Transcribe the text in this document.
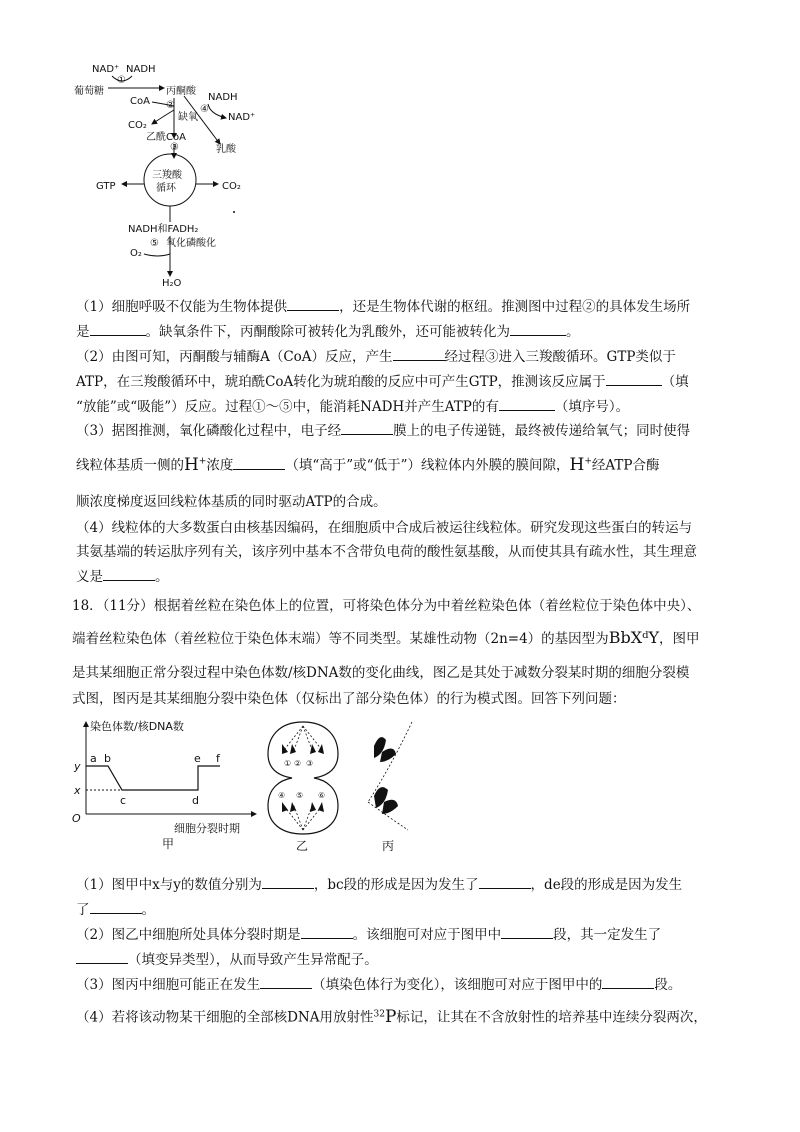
NAD⁺ NADH
①
葡萄糖	丙酮酸
CoA	NADH
②	④
缺氧	NAD⁺
CO₂
乙酰CoA
乳酸
③
三羧酸
循环
GTP	CO₂
NADH和FADH₂
⑤ 氧化磷酸化
O₂
H₂O
（1）细胞呼吸不仅能为生物体提供	，还是生物体代谢的枢纽。推测图中过程②的具体发生场所
是	。缺氧条件下，丙酮酸除可被转化为乳酸外，还可能被转化为	。
（2）由图可知，丙酮酸与辅酶A（CoA）反应，产生	经过程③进入三羧酸循环。GTP类似于
ATP，在三羧酸循环中，琥珀酰CoA转化为琥珀酸的反应中可产生GTP，推测该反应属于	（填
“放能”或“吸能”）反应。过程①～⑤中，能消耗NADH并产生ATP的有	（填序号）。
（3）据图推测，氧化磷酸化过程中，电子经	膜上的电子传递链，最终被传递给氧气；同时使得
线粒体基质一侧的H+浓度	（填“高于”或“低于”）线粒体内外膜的膜间隙，H+经ATP合酶
顺浓度梯度返回线粒体基质的同时驱动ATP的合成。
（4）线粒体的大多数蛋白由核基因编码，在细胞质中合成后被运往线粒体。研究发现这些蛋白的转运与
其氨基端的转运肽序列有关，该序列中基本不含带负电荷的酸性氨基酸，从而使其具有疏水性，其生理意
义是	。
18．（11分）根据着丝粒在染色体上的位置，可将染色体分为中着丝粒染色体（着丝粒位于染色体中央）、
端着丝粒染色体（着丝粒位于染色体末端）等不同类型。某雄性动物（2n=4）的基因型为BbXᵈY，图甲
是其某细胞正常分裂过程中染色体数/核DNA数的变化曲线，图乙是其处于减数分裂某时期的细胞分裂模
式图，图丙是其某细胞分裂中染色体（仅标出了部分染色体）的行为模式图。回答下列问题：
染色体数/核DNA数
细胞分裂时期
y
x
O
a b
c	d
e f
甲
① ② ③
④ ⑤ ⑥
乙	丙
（1）图甲中x与y的数值分别为	，bc段的形成是因为发生了	，de段的形成是因为发生
了	。
（2）图乙中细胞所处具体分裂时期是	。该细胞可对应于图甲中	段，其一定发生了
（填变异类型），从而导致产生异常配子。
（3）图丙中细胞可能正在发生	（填染色体行为变化），该细胞可对应于图甲中的	段。
（4）若将该动物某干细胞的全部核DNA用放射性$^{32}$P标记，让其在不含放射性的培养基中连续分裂两次，
